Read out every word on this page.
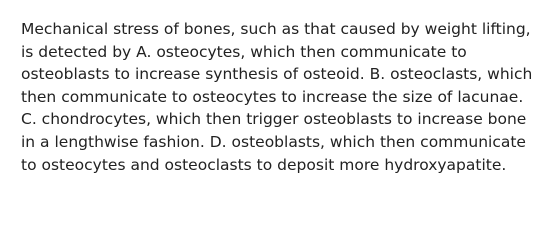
Mechanical stress of bones, such as that caused by weight lifting, is detected by A. osteocytes, which then communicate to osteoblasts to increase synthesis of osteoid. B. osteoclasts, which then communicate to osteocytes to increase the size of lacunae. C. chondrocytes, which then trigger osteoblasts to increase bone in a lengthwise fashion. D. osteoblasts, which then communicate to osteocytes and osteoclasts to deposit more hydroxyapatite.
